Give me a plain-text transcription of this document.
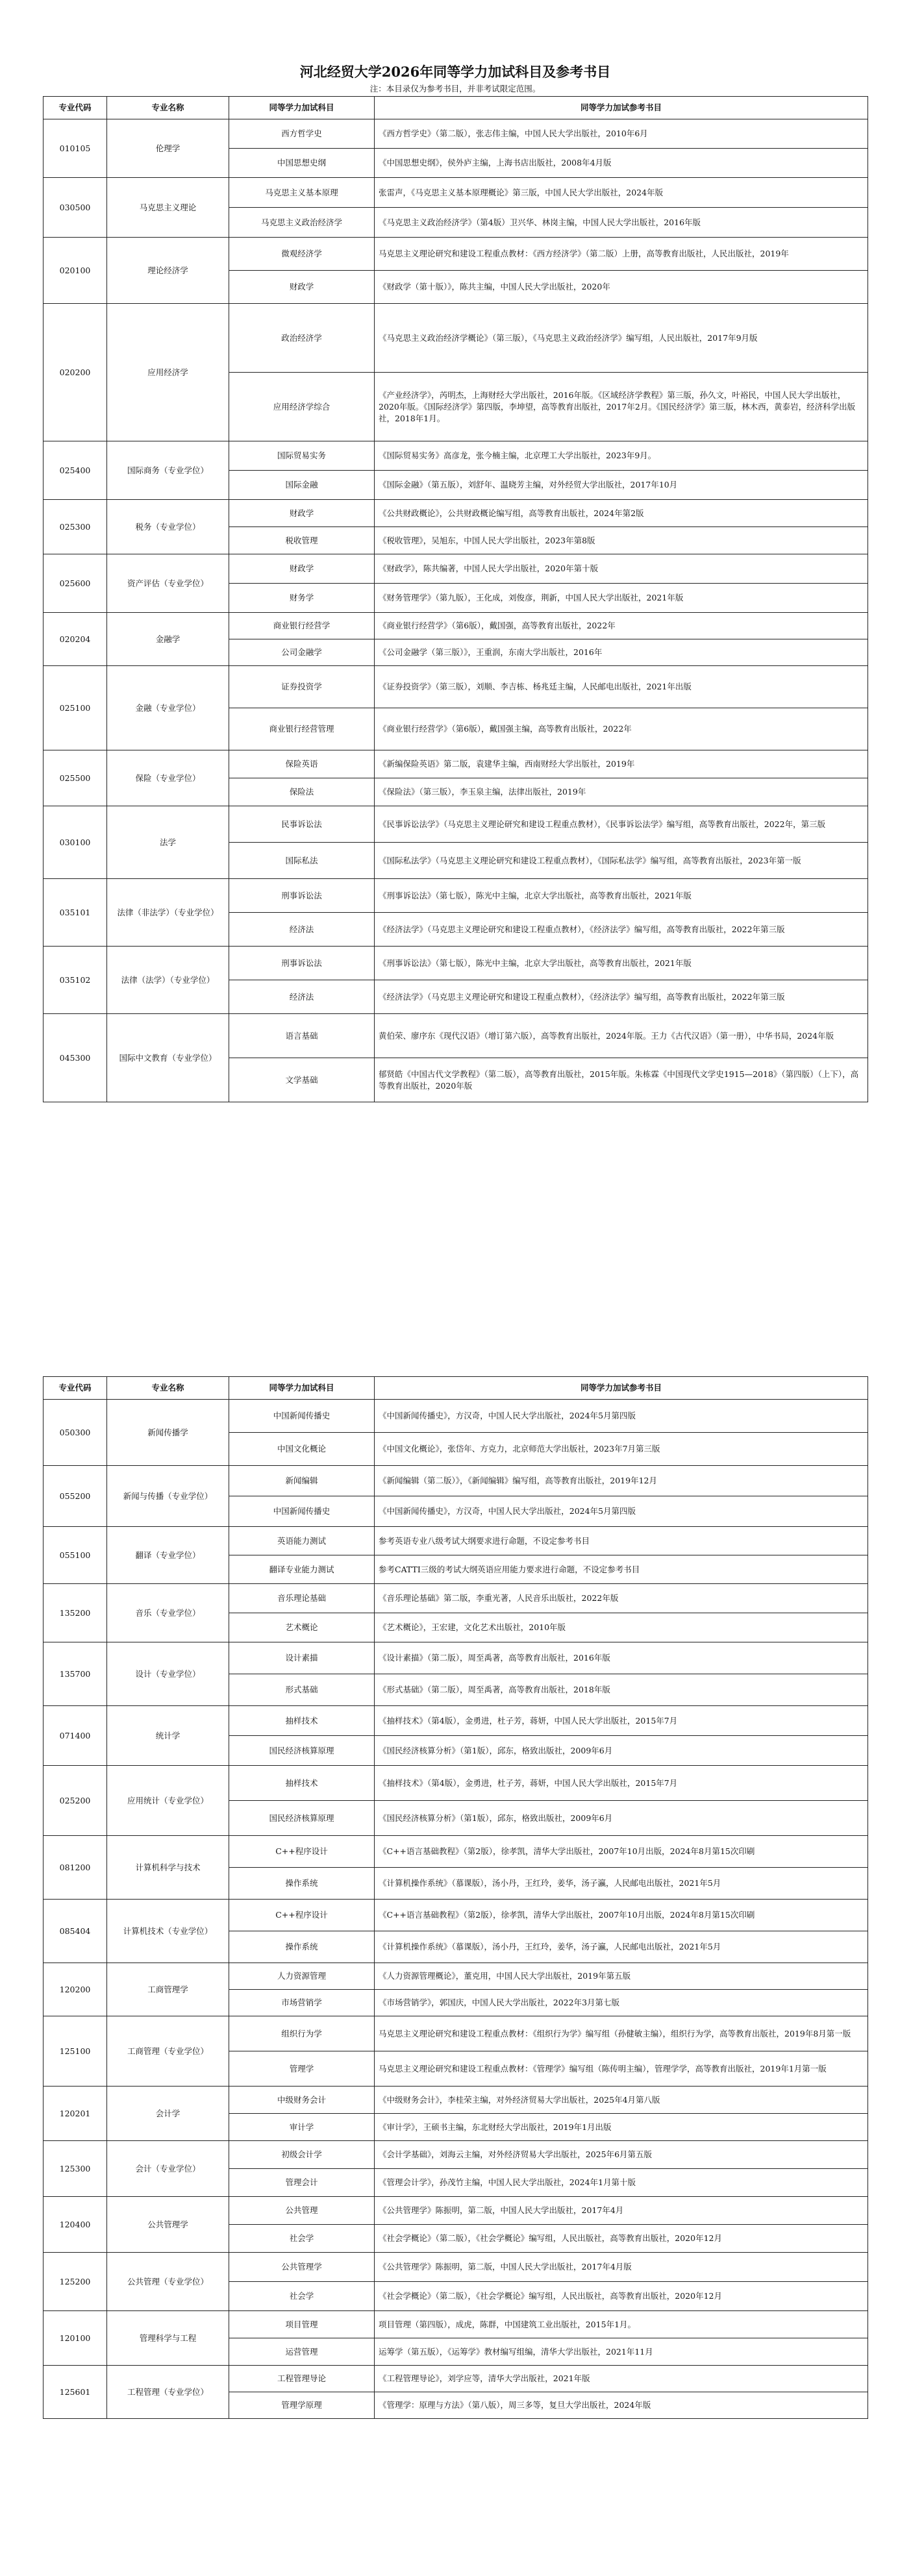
河北经贸大学2026年同等学力加试科目及参考书目
注：本目录仅为参考书目，并非考试限定范围。
专业代码	专业名称	同等学力加试科目	同等学力加试参考书目
010105	伦理学	西方哲学史	《西方哲学史》（第二版），张志伟主编，中国人民大学出版社，2010年6月
		中国思想史纲	《中国思想史纲》，侯外庐主编，上海书店出版社，2008年4月版
030500	马克思主义理论	马克思主义基本原理	张雷声，《马克思主义基本原理概论》第三版，中国人民大学出版社，2024年版
		马克思主义政治经济学	《马克思主义政治经济学》（第4版）卫兴华、林岗主编，中国人民大学出版社，2016年版
020100	理论经济学	微观经济学	马克思主义理论研究和建设工程重点教材：《西方经济学》（第二版）上册，高等教育出版社，人民出版社，2019年
		财政学	《财政学（第十版）》，陈共主编，中国人民大学出版社，2020年
020200	应用经济学	政治经济学	《马克思主义政治经济学概论》（第三版），《马克思主义政治经济学》编写组，人民出版社，2017年9月版
		应用经济学综合	《产业经济学》，芮明杰，上海财经大学出版社，2016年版。《区域经济学教程》第三版，孙久文，叶裕民，中国人民大学出版社，2020年版。《国际经济学》第四版，李坤望，高等教育出版社，2017年2月。《国民经济学》第三版，林木西，黄泰岩，经济科学出版社，2018年1月。
025400	国际商务（专业学位）	国际贸易实务	《国际贸易实务》高彦龙，张今楠主编，北京理工大学出版社，2023年9月。
		国际金融	《国际金融》（第五版），刘舒年、温晓芳主编，对外经贸大学出版社，2017年10月
025300	税务（专业学位）	财政学	《公共财政概论》，公共财政概论编写组，高等教育出版社，2024年第2版
		税收管理	《税收管理》，吴旭东，中国人民大学出版社，2023年第8版
025600	资产评估（专业学位）	财政学	《财政学》，陈共编著，中国人民大学出版社，2020年第十版
		财务学	《财务管理学》（第九版），王化成，刘俊彦，荆新，中国人民大学出版社，2021年版
020204	金融学	商业银行经营学	《商业银行经营学》（第6版），戴国强，高等教育出版社，2022年
		公司金融学	《公司金融学（第三版）》，王重润，东南大学出版社，2016年
025100	金融（专业学位）	证券投资学	《证券投资学》（第三版），刘顺、李吉栋、杨兆廷主编，人民邮电出版社，2021年出版
		商业银行经营管理	《商业银行经营学》（第6版），戴国强主编，高等教育出版社，2022年
025500	保险（专业学位）	保险英语	《新编保险英语》第二版，袁建华主编，西南财经大学出版社，2019年
		保险法	《保险法》（第三版），李玉泉主编，法律出版社，2019年
030100	法学	民事诉讼法	《民事诉讼法学》（马克思主义理论研究和建设工程重点教材），《民事诉讼法学》编写组，高等教育出版社，2022年，第三版
		国际私法	《国际私法学》（马克思主义理论研究和建设工程重点教材），《国际私法学》编写组，高等教育出版社，2023年第一版
035101	法律（非法学）（专业学位）	刑事诉讼法	《刑事诉讼法》（第七版），陈光中主编，北京大学出版社，高等教育出版社，2021年版
		经济法	《经济法学》（马克思主义理论研究和建设工程重点教材），《经济法学》编写组，高等教育出版社，2022年第三版
035102	法律（法学）（专业学位）	刑事诉讼法	《刑事诉讼法》（第七版），陈光中主编，北京大学出版社，高等教育出版社，2021年版
		经济法	《经济法学》（马克思主义理论研究和建设工程重点教材），《经济法学》编写组，高等教育出版社，2022年第三版
045300	国际中文教育（专业学位）	语言基础	黄伯荣、廖序东《现代汉语》（增订第六版），高等教育出版社，2024年版。王力《古代汉语》（第一册），中华书局，2024年版
		文学基础	郁贤皓《中国古代文学教程》（第二版），高等教育出版社，2015年版。朱栋霖《中国现代文学史1915—2018》（第四版）（上下），高等教育出版社，2020年版
专业代码	专业名称	同等学力加试科目	同等学力加试参考书目
050300	新闻传播学	中国新闻传播史	《中国新闻传播史》，方汉奇，中国人民大学出版社，2024年5月第四版
		中国文化概论	《中国文化概论》，张岱年、方克力，北京师范大学出版社，2023年7月第三版
055200	新闻与传播（专业学位）	新闻编辑	《新闻编辑（第二版）》，《新闻编辑》编写组，高等教育出版社，2019年12月
		中国新闻传播史	《中国新闻传播史》，方汉奇，中国人民大学出版社，2024年5月第四版
055100	翻译（专业学位）	英语能力测试	参考英语专业八级考试大纲要求进行命题，不设定参考书目
		翻译专业能力测试	参考CATTI三级的考试大纲英语应用能力要求进行命题，不设定参考书目
135200	音乐（专业学位）	音乐理论基础	《音乐理论基础》第二版，李重光著，人民音乐出版社，2022年版
		艺术概论	《艺术概论》，王宏建，文化艺术出版社，2010年版
135700	设计（专业学位）	设计素描	《设计素描》（第二版），周至禹著，高等教育出版社，2016年版
		形式基础	《形式基础》（第二版），周至禹著，高等教育出版社，2018年版
071400	统计学	抽样技术	《抽样技术》（第4版），金勇进，杜子芳，蒋妍，中国人民大学出版社，2015年7月
		国民经济核算原理	《国民经济核算分析》（第1版），邱东，格致出版社，2009年6月
025200	应用统计（专业学位）	抽样技术	《抽样技术》（第4版），金勇进，杜子芳，蒋妍，中国人民大学出版社，2015年7月
		国民经济核算原理	《国民经济核算分析》（第1版），邱东，格致出版社，2009年6月
081200	计算机科学与技术	C++程序设计	《C++语言基础教程》（第2版），徐孝凯，清华大学出版社，2007年10月出版，2024年8月第15次印刷
		操作系统	《计算机操作系统》（慕课版），汤小丹，王红玲，姜华，汤子瀛，人民邮电出版社，2021年5月
085404	计算机技术（专业学位）	C++程序设计	《C++语言基础教程》（第2版），徐孝凯，清华大学出版社，2007年10月出版，2024年8月第15次印刷
		操作系统	《计算机操作系统》（慕课版），汤小丹，王红玲，姜华，汤子瀛，人民邮电出版社，2021年5月
120200	工商管理学	人力资源管理	《人力资源管理概论》，董克用，中国人民大学出版社，2019年第五版
		市场营销学	《市场营销学》，郭国庆，中国人民大学出版社，2022年3月第七版
125100	工商管理（专业学位）	组织行为学	马克思主义理论研究和建设工程重点教材：《组织行为学》编写组（孙健敏主编），组织行为学，高等教育出版社，2019年8月第一版
		管理学	马克思主义理论研究和建设工程重点教材：《管理学》编写组（陈传明主编），管理学学，高等教育出版社，2019年1月第一版
120201	会计学	中级财务会计	《中级财务会计》，李桂荣主编，对外经济贸易大学出版社，2025年4月第八版
		审计学	《审计学》，王硕书主编，东北财经大学出版社，2019年1月出版
125300	会计（专业学位）	初级会计学	《会计学基础》，刘海云主编，对外经济贸易大学出版社，2025年6月第五版
		管理会计	《管理会计学》，孙茂竹主编，中国人民大学出版社，2024年1月第十版
120400	公共管理学	公共管理	《公共管理学》陈振明，第二版，中国人民大学出版社，2017年4月
		社会学	《社会学概论》（第二版），《社会学概论》编写组，人民出版社，高等教育出版社，2020年12月
125200	公共管理（专业学位）	公共管理学	《公共管理学》陈振明，第二版，中国人民大学出版社，2017年4月版
		社会学	《社会学概论》（第二版），《社会学概论》编写组，人民出版社，高等教育出版社，2020年12月
120100	管理科学与工程	项目管理	项目管理（第四版），成虎，陈群，中国建筑工业出版社，2015年1月。
		运营管理	运筹学（第五版），《运筹学》教材编写组编，清华大学出版社，2021年11月
125601	工程管理（专业学位）	工程管理导论	《工程管理导论》，刘学应等，清华大学出版社，2021年版
		管理学原理	《管理学：原理与方法》（第八版），周三多等，复旦大学出版社，2024年版
